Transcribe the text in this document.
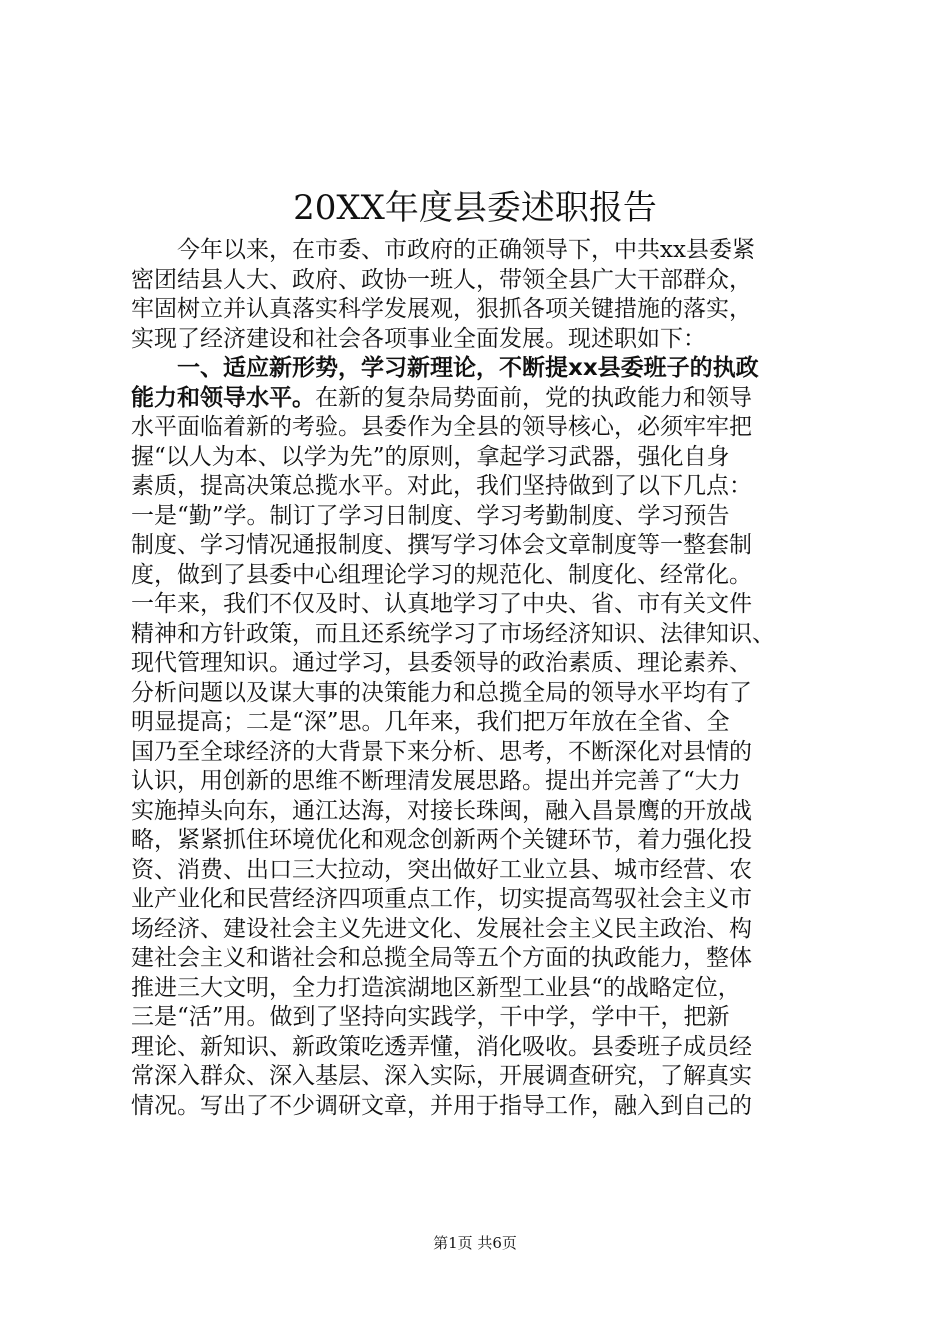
20XX年度县委述职报告
今年以来，在市委、市政府的正确领导下，中共xx县委紧
密团结县人大、政府、政协一班人，带领全县广大干部群众，
牢固树立并认真落实科学发展观，狠抓各项关键措施的落实，
实现了经济建设和社会各项事业全面发展。现述职如下：
一、适应新形势，学习新理论，不断提xx县委班子的执政
能力和领导水平。在新的复杂局势面前，党的执政能力和领导
水平面临着新的考验。县委作为全县的领导核心，必须牢牢把
握“以人为本、以学为先”的原则，拿起学习武器，强化自身
素质，提高决策总揽水平。对此，我们坚持做到了以下几点：
一是“勤”学。制订了学习日制度、学习考勤制度、学习预告
制度、学习情况通报制度、撰写学习体会文章制度等一整套制
度，做到了县委中心组理论学习的规范化、制度化、经常化。
一年来，我们不仅及时、认真地学习了中央、省、市有关文件
精神和方针政策，而且还系统学习了市场经济知识、法律知识、
现代管理知识。通过学习，县委领导的政治素质、理论素养、
分析问题以及谋大事的决策能力和总揽全局的领导水平均有了
明显提高；二是“深”思。几年来，我们把万年放在全省、全
国乃至全球经济的大背景下来分析、思考，不断深化对县情的
认识，用创新的思维不断理清发展思路。提出并完善了“大力
实施掉头向东，通江达海，对接长珠闽，融入昌景鹰的开放战
略，紧紧抓住环境优化和观念创新两个关键环节，着力强化投
资、消费、出口三大拉动，突出做好工业立县、城市经营、农
业产业化和民营经济四项重点工作，切实提高驾驭社会主义市
场经济、建设社会主义先进文化、发展社会主义民主政治、构
建社会主义和谐社会和总揽全局等五个方面的执政能力，整体
推进三大文明，全力打造滨湖地区新型工业县“的战略定位，
三是“活”用。做到了坚持向实践学，干中学，学中干，把新
理论、新知识、新政策吃透弄懂，消化吸收。县委班子成员经
常深入群众、深入基层、深入实际，开展调查研究，了解真实
情况。写出了不少调研文章，并用于指导工作，融入到自己的
第1页 共6页
